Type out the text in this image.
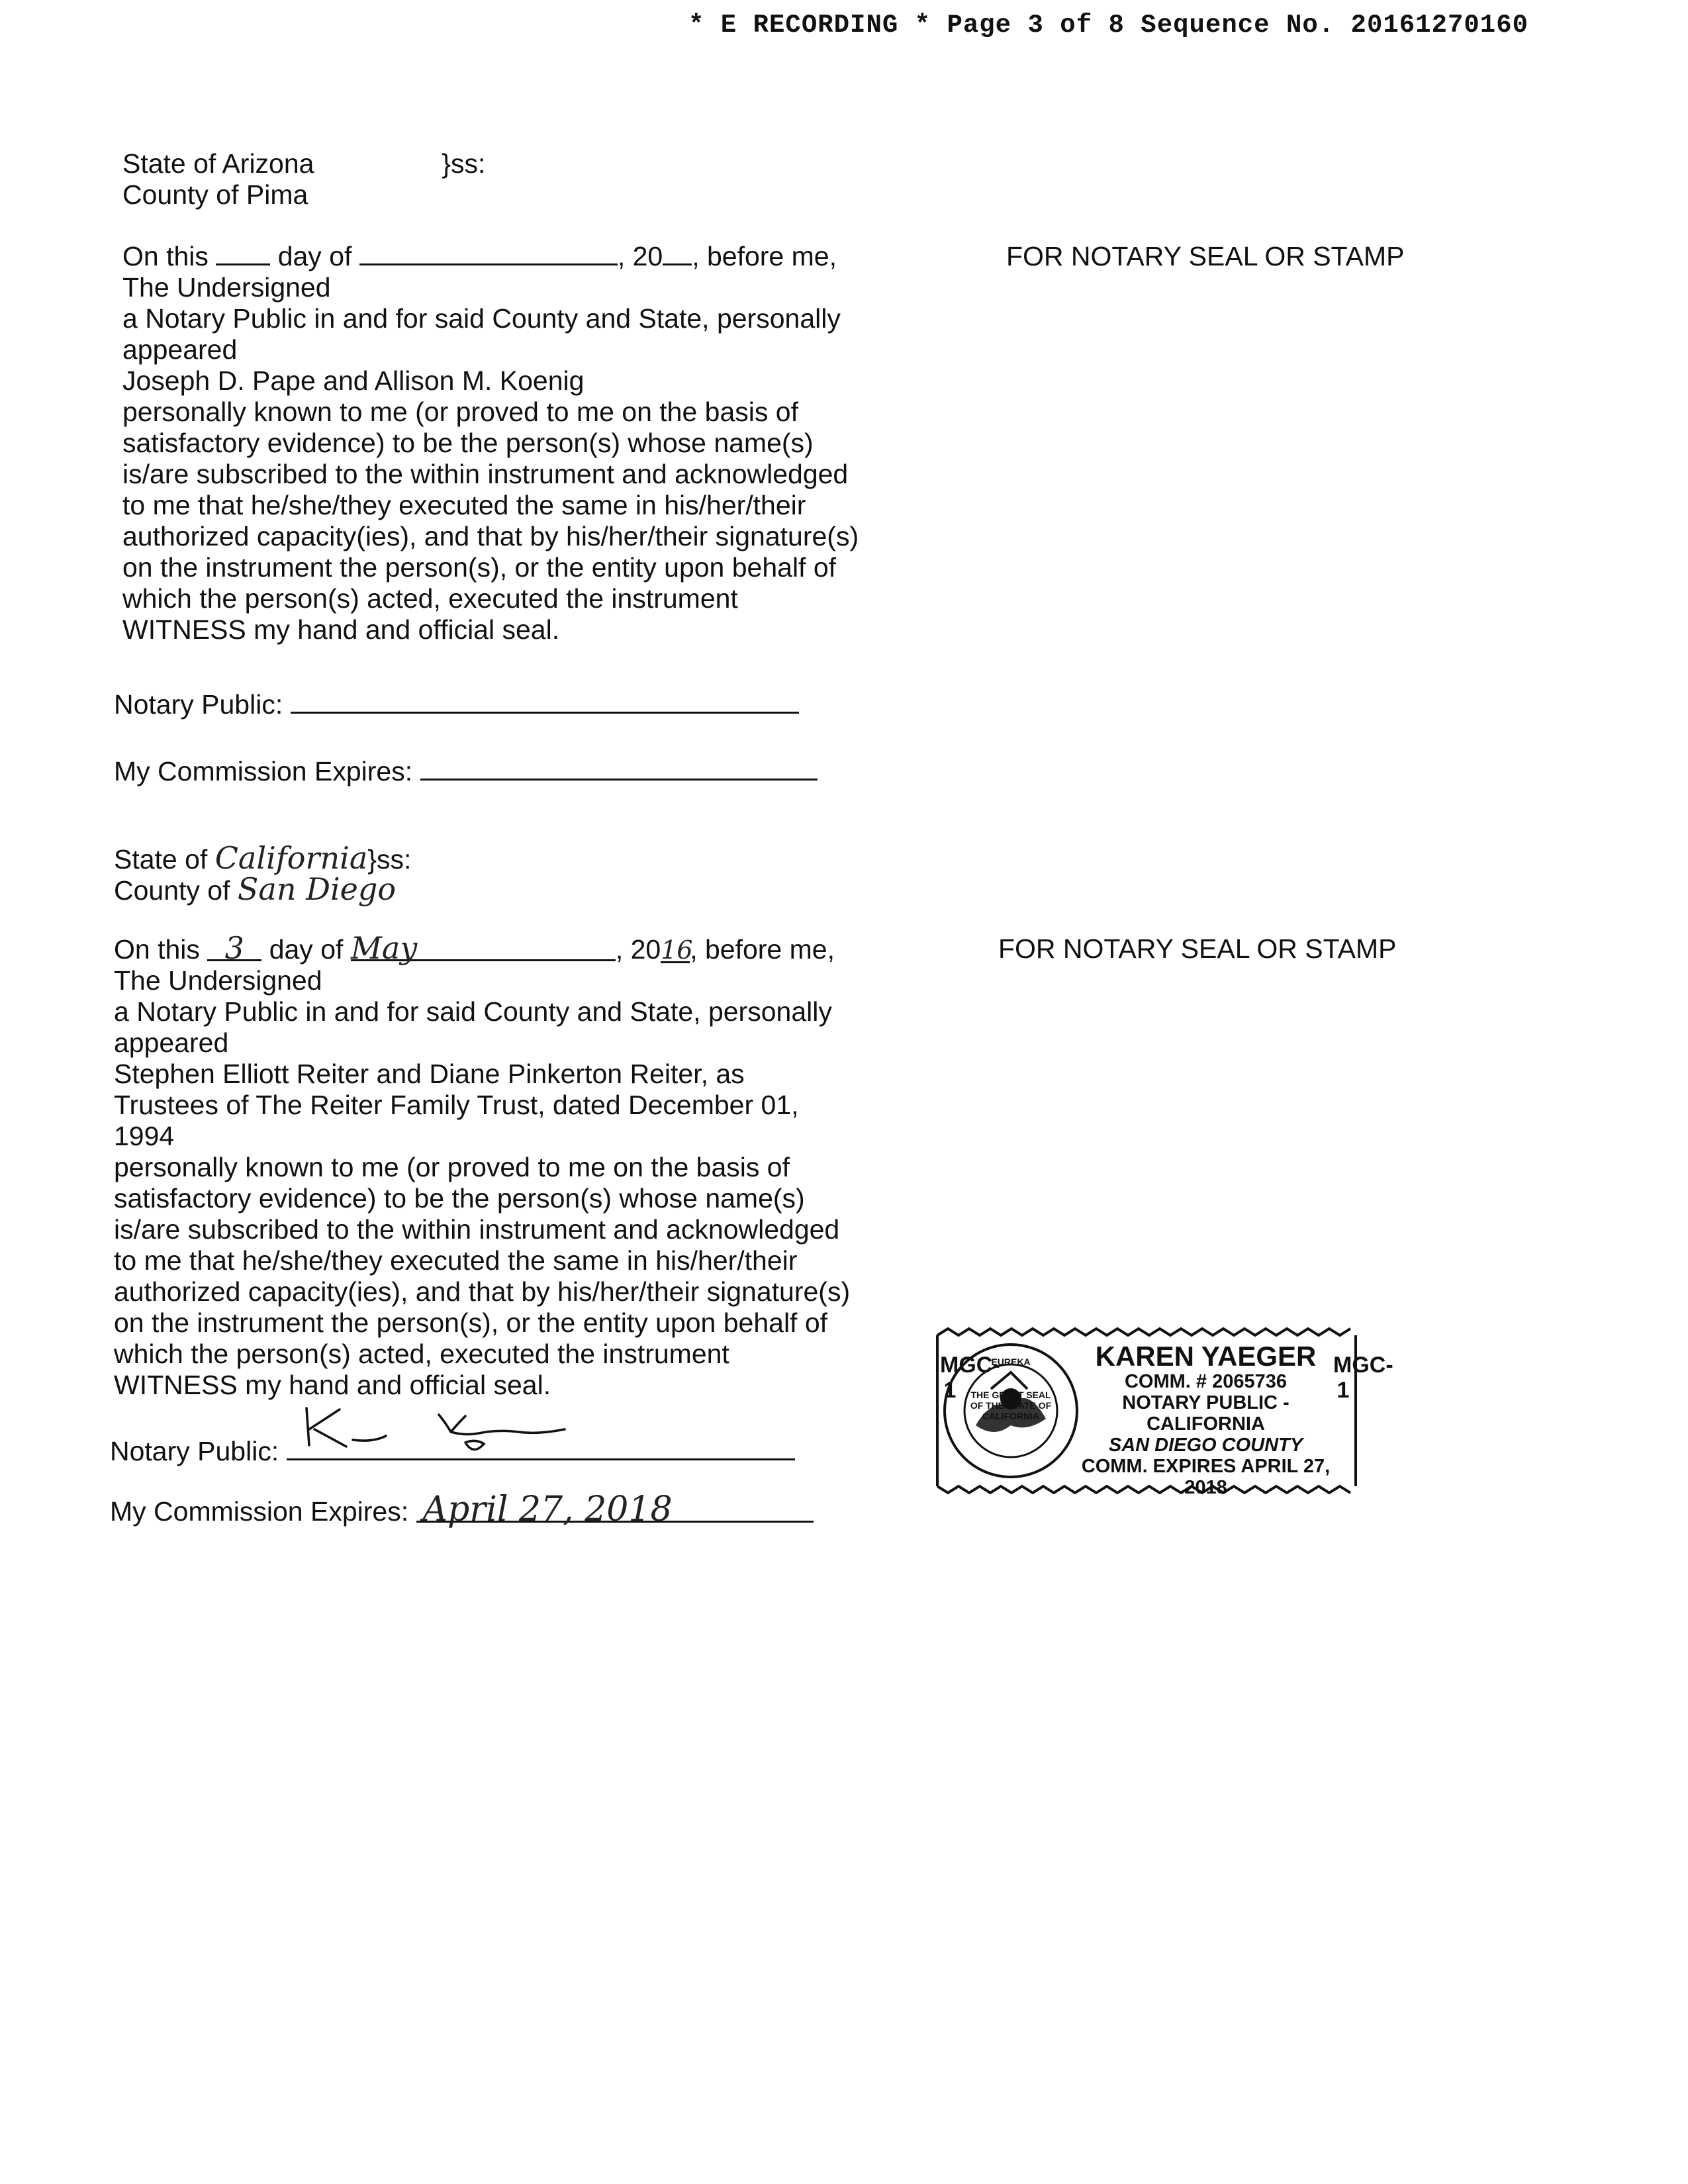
* E RECORDING * Page 3 of 8 Sequence No. 20161270160
State of Arizona	}ss:
County of Pima
On this	day of	, 20 , before me,
The Undersigned
a Notary Public in and for said County and State, personally
appeared
Joseph D. Pape and Allison M. Koenig
personally known to me (or proved to me on the basis of
satisfactory evidence) to be the person(s) whose name(s)
is/are subscribed to the within instrument and acknowledged
to me that he/she/they executed the same in his/her/their
authorized capacity(ies), and that by his/her/their signature(s)
on the instrument the person(s), or the entity upon behalf of
which the person(s) acted, executed the instrument
WITNESS my hand and official seal.
Notary Public:
My Commission Expires:
FOR NOTARY SEAL OR STAMP
State of California}ss:
County of San Diego
On this 3 day of May	, 2016, before me,
The Undersigned
a Notary Public in and for said County and State, personally
appeared
Stephen Elliott Reiter and Diane Pinkerton Reiter, as
Trustees of The Reiter Family Trust, dated December 01,
1994
personally known to me (or proved to me on the basis of
satisfactory evidence) to be the person(s) whose name(s)
is/are subscribed to the within instrument and acknowledged
to me that he/she/they executed the same in his/her/their
authorized capacity(ies), and that by his/her/their signature(s)
on the instrument the person(s), or the entity upon behalf of
which the person(s) acted, executed the instrument
WITNESS my hand and official seal.
Notary Public:
My Commission Expires: April 27, 2018
FOR NOTARY SEAL OR STAMP
MGC-1
MGC-1
THE GREAT SEAL OF THE STATE OF CALIFORNIA
EUREKA	KAREN YAEGER
COMM. # 2065736
NOTARY PUBLIC - CALIFORNIA
SAN DIEGO COUNTY
COMM. EXPIRES APRIL 27, 2018
